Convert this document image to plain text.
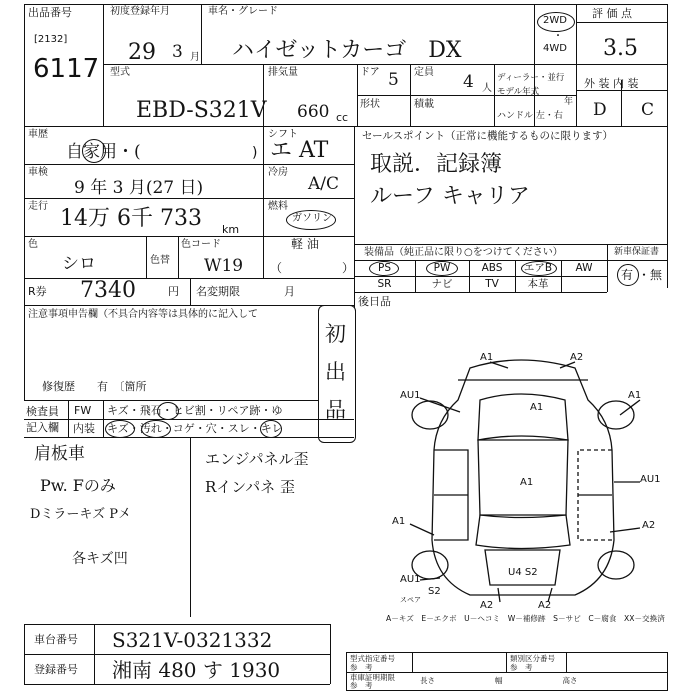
出品番号
[2132]
6117
初度登録年月
29 3 月
車名・グレード
ハイゼットカーゴ　DX
2WD
・
4WD
評 価 点
3.5
型式
EBD-S321V
排気量
660 cc
ドア 5 定員 4 人
形状	積載
ディーラー・並行
モデル年式
年
ハンドル 左・右
外 装 内 装
D C
車歴
自家用・(	)
シフト
エ AT
車検
9 年 3 月(27 日)
冷房
A/C
走行 14万 6千 733 km
燃料
ガソリン
軽 油
（　　　　　）
色
シロ	色替
色コード
W19
R券 7340	円 名変期限	月
注意事項申告欄（不具合内容等は具体的に記入して
修復歴　　有　〔箇所
初出品
セールスポイント（正常に機能するものに限ります）
取説．記録簿
ルーフ キャリア
装備品（純正品に限り○をつけてください）	新車保証書
PS	PW	ABS	エアB	AW
SR	ナビ	TV	本革
有 ・無
後日品
検査員
記入欄
FW
内装
キズ・飛石・ヒビ割・リペア跡・ゆ
キズ・汚れ・コゲ・穴・スレ・キレ
肩板車
Pw. Fのみ
Dミラーキズ P㐅
各キズ凹
エンジパネル歪
Rインパネ 歪
A1	A2
AU1
A1
A1
A1
A1
AU1
A2
AU1
S2
U4 S2
A2	A2
スペア
A－キズ　E－エクボ　U－ヘコミ　W－補修跡　S－サビ　C－腐食　XX－交換済
車台番号 S321V-0321332
登録番号 湘南 480 す 1930	型式指定番号
参　考
類別区分番号
参　考
車庫証明期限
参　考
長さ　　　　　　　　幅　　　　　　　　高さ
